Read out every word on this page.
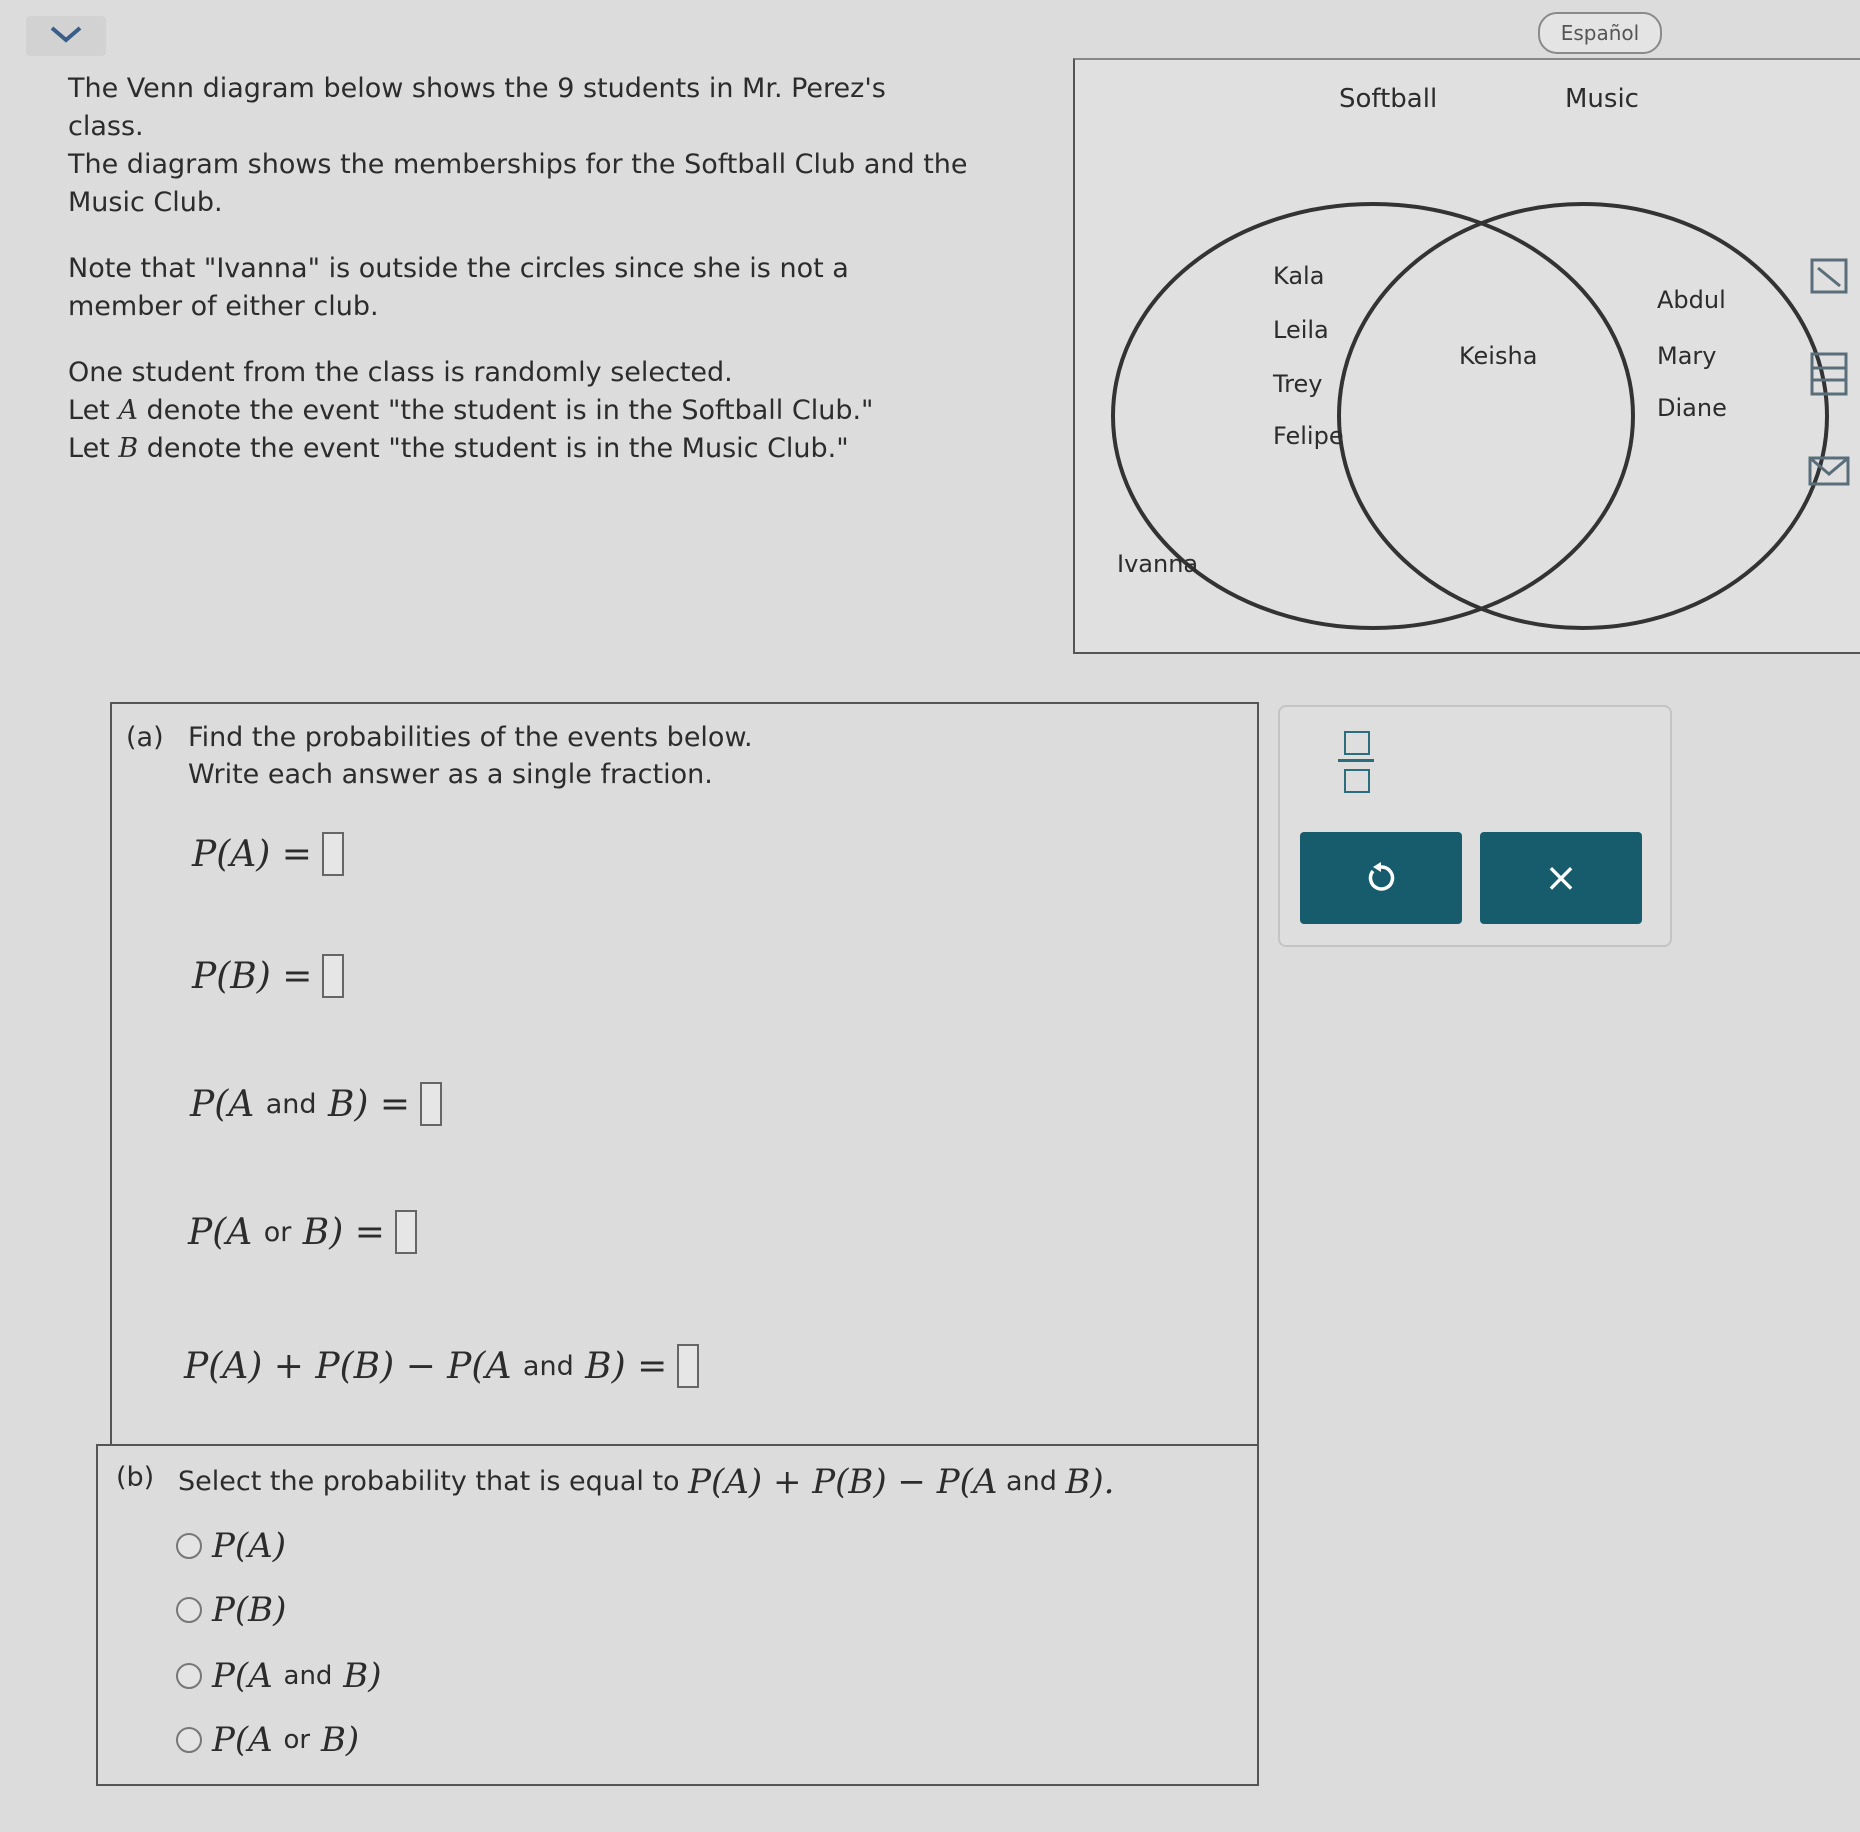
Español

The Venn diagram below shows the 9 students in Mr. Perez's class.

The diagram shows the memberships for the Softball Club and the Music Club.

Note that "Ivanna" is outside the circles since she is not a member of either club.

One student from the class is randomly selected.

Let A denote the event "the student is in the Softball Club."

Let B denote the event "the student is in the Music Club."

Softball	Music
Kala
Leila
Trey
Felipe
Keisha
Abdul
Mary
Diane
Ivanna
(a) Find the probabilities of the events below.
Write each answer as a single fraction.
P(A) =
P(B) =
P(A
and
B) =
P(A
or
B) =
P(A) + P(B) − P(A
and
B) =
×
(b) Select the probability that is equal to
P(A) + P(B) − P(A
and
B).
P(A)
P(B)
P(A
and
B)
P(A
or
B)
